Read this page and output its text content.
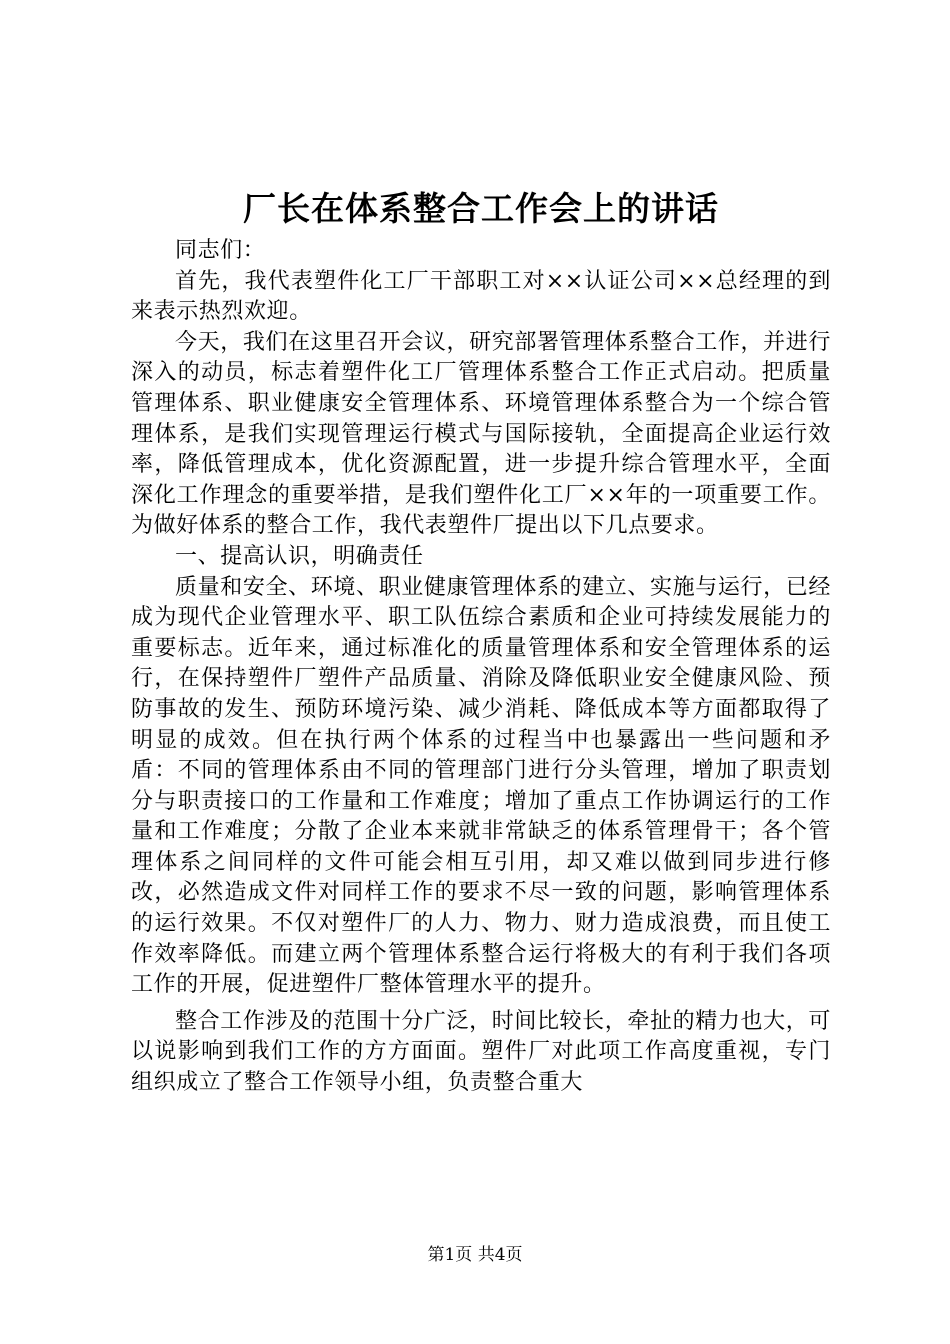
厂长在体系整合工作会上的讲话

同志们：

首先，我代表塑件化工厂干部职工对××认证公司××总经理的到来表示热烈欢迎。

今天，我们在这里召开会议，研究部署管理体系整合工作，并进行深入的动员，标志着塑件化工厂管理体系整合工作正式启动。把质量管理体系、职业健康安全管理体系、环境管理体系整合为一个综合管理体系，是我们实现管理运行模式与国际接轨，全面提高企业运行效率，降低管理成本，优化资源配置，进一步提升综合管理水平，全面深化工作理念的重要举措，是我们塑件化工厂××年的一项重要工作。为做好体系的整合工作，我代表塑件厂提出以下几点要求。

一、提高认识，明确责任

质量和安全、环境、职业健康管理体系的建立、实施与运行，已经成为现代企业管理水平、职工队伍综合素质和企业可持续发展能力的重要标志。近年来，通过标准化的质量管理体系和安全管理体系的运行，在保持塑件厂塑件产品质量、消除及降低职业安全健康风险、预防事故的发生、预防环境污染、减少消耗、降低成本等方面都取得了明显的成效。但在执行两个体系的过程当中也暴露出一些问题和矛盾：不同的管理体系由不同的管理部门进行分头管理，增加了职责划分与职责接口的工作量和工作难度；增加了重点工作协调运行的工作量和工作难度；分散了企业本来就非常缺乏的体系管理骨干；各个管理体系之间同样的文件可能会相互引用，却又难以做到同步进行修改，必然造成文件对同样工作的要求不尽一致的问题，影响管理体系的运行效果。不仅对塑件厂的人力、物力、财力造成浪费，而且使工作效率降低。而建立两个管理体系整合运行将极大的有利于我们各项工作的开展，促进塑件厂整体管理水平的提升。

整合工作涉及的范围十分广泛，时间比较长，牵扯的精力也大，可以说影响到我们工作的方方面面。塑件厂对此项工作高度重视，专门组织成立了整合工作领导小组，负责整合重大

第1页 共4页
